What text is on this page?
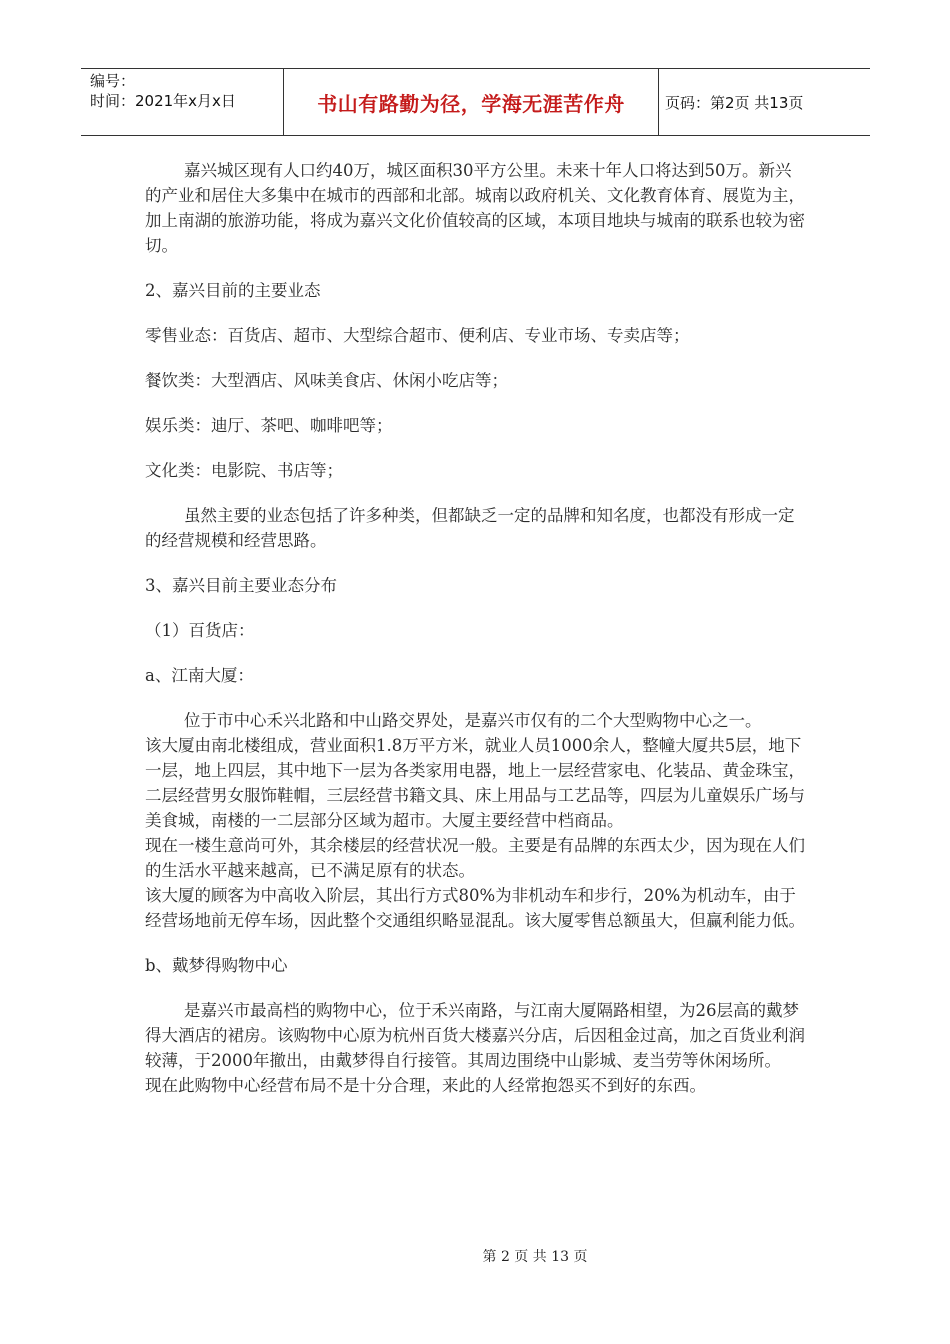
编号：
时间：2021年x月x日	书山有路勤为径，学海无涯苦作舟	页码：第2页 共13页

嘉兴城区现有人口约40万，城区面积30平方公里。未来十年人口将达到50万。新兴的产业和居住大多集中在城市的西部和北部。城南以政府机关、文化教育体育、展览为主，加上南湖的旅游功能，将成为嘉兴文化价值较高的区域，本项目地块与城南的联系也较为密切。

2、嘉兴目前的主要业态

零售业态：百货店、超市、大型综合超市、便利店、专业市场、专卖店等；

餐饮类：大型酒店、风味美食店、休闲小吃店等；

娱乐类：迪厅、茶吧、咖啡吧等；

文化类：电影院、书店等；

虽然主要的业态包括了许多种类，但都缺乏一定的品牌和知名度，也都没有形成一定的经营规模和经营思路。

3、嘉兴目前主要业态分布

（1）百货店：

a、江南大厦：

位于市中心禾兴北路和中山路交界处，是嘉兴市仅有的二个大型购物中心之一。

该大厦由南北楼组成，营业面积1.8万平方米，就业人员1000余人，整幢大厦共5层，地下一层，地上四层，其中地下一层为各类家用电器，地上一层经营家电、化装品、黄金珠宝，二层经营男女服饰鞋帽，三层经营书籍文具、床上用品与工艺品等，四层为儿童娱乐广场与美食城，南楼的一二层部分区域为超市。大厦主要经营中档商品。

现在一楼生意尚可外，其余楼层的经营状况一般。主要是有品牌的东西太少，因为现在人们的生活水平越来越高，已不满足原有的状态。

该大厦的顾客为中高收入阶层，其出行方式80%为非机动车和步行，20%为机动车，由于经营场地前无停车场，因此整个交通组织略显混乱。该大厦零售总额虽大，但赢利能力低。

b、戴梦得购物中心

是嘉兴市最高档的购物中心，位于禾兴南路，与江南大厦隔路相望，为26层高的戴梦得大酒店的裙房。该购物中心原为杭州百货大楼嘉兴分店，后因租金过高，加之百货业利润较薄，于2000年撤出，由戴梦得自行接管。其周边围绕中山影城、麦当劳等休闲场所。

现在此购物中心经营布局不是十分合理，来此的人经常抱怨买不到好的东西。

第 2 页 共 13 页
